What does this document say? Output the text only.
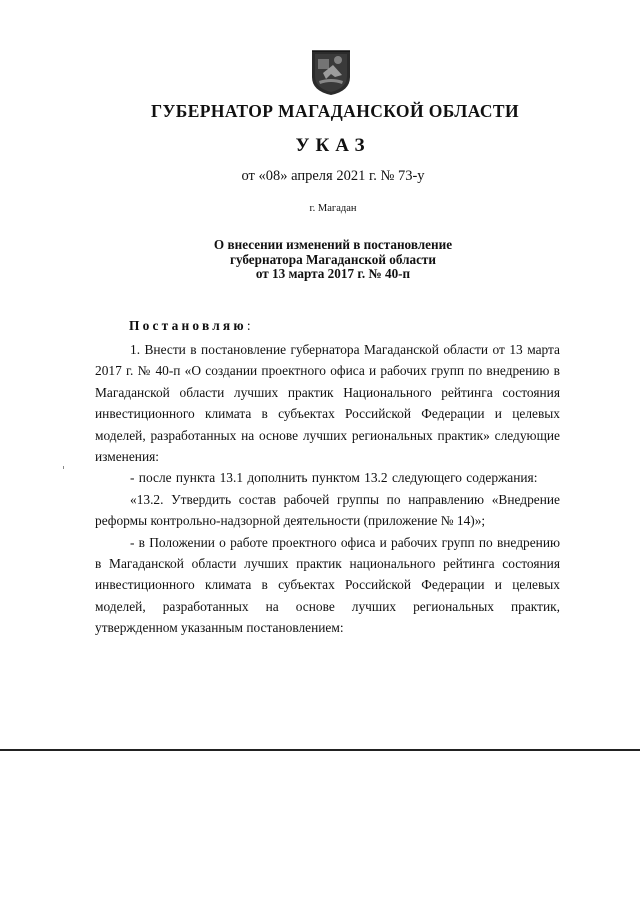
ГУБЕРНАТОР МАГАДАНСКОЙ ОБЛАСТИ
УКАЗ
от «08» апреля 2021 г. № 73-у
г. Магадан
О внесении изменений в постановление
губернатора Магаданской области
от 13 марта 2017 г. № 40-п
Постановляю:

1. Внести в постановление губернатора Магаданской области от 13 марта 2017 г. № 40-п «О создании проектного офиса и рабочих групп по внедрению в Магаданской области лучших практик Национального рейтинга состояния инвестиционного климата в субъектах Российской Федерации и целевых моделей, разработанных на основе лучших региональных практик» следующие изменения:

- после пункта 13.1 дополнить пунктом 13.2 следующего содержания:

«13.2. Утвердить состав рабочей группы по направлению «Внедрение реформы контрольно-надзорной деятельности (приложение № 14)»;

- в Положении о работе проектного офиса и рабочих групп по внедрению в Магаданской области лучших практик национального рейтинга состояния инвестиционного климата в субъектах Российской Федерации и целевых моделей, разработанных на основе лучших региональных практик, утвержденном указанным постановлением:
